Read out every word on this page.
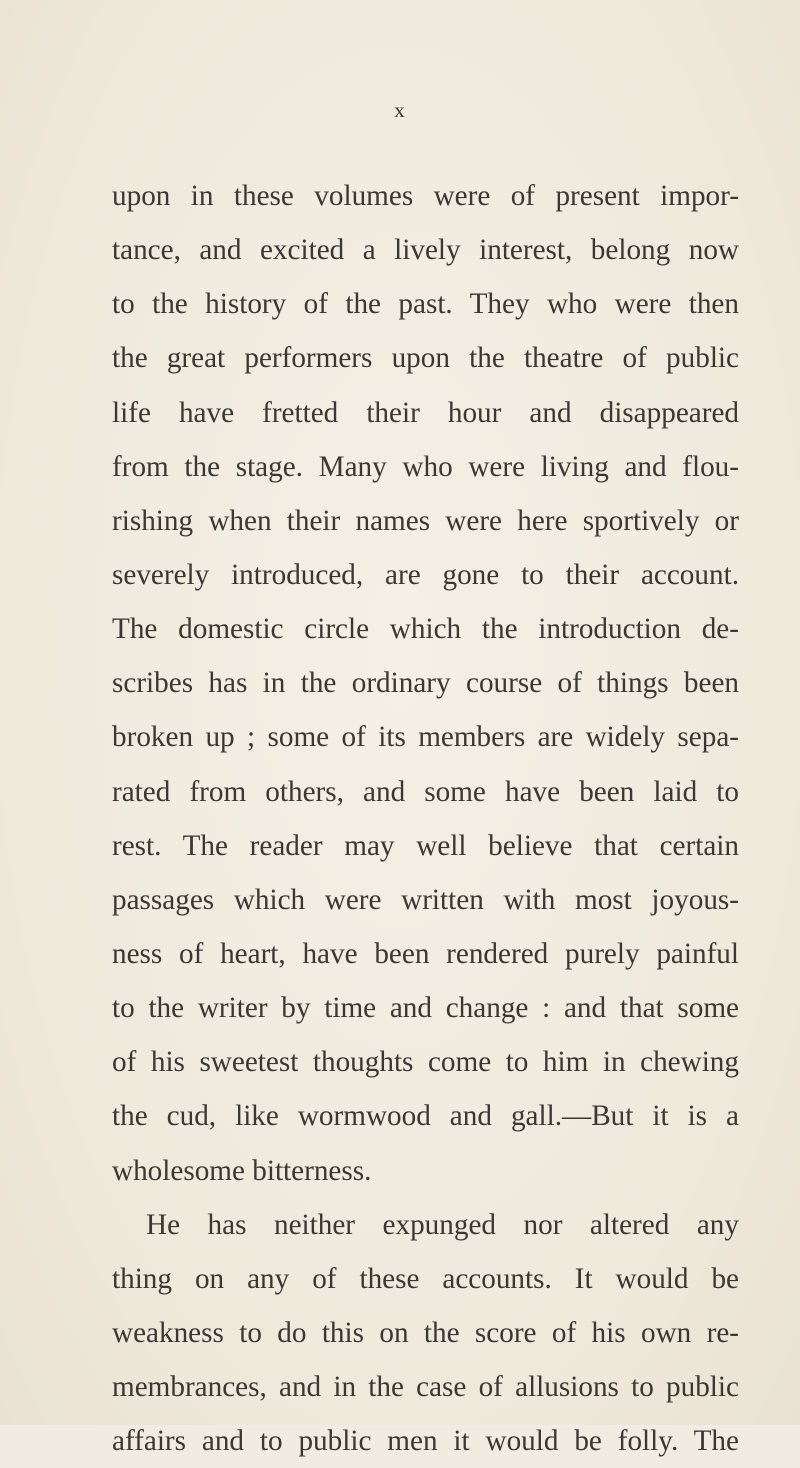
x
upon in these volumes were of present impor-
tance, and excited a lively interest, belong now
to the history of the past. They who were then
the great performers upon the theatre of public
life have fretted their hour and disappeared
from the stage. Many who were living and flou-
rishing when their names were here sportively or
severely introduced, are gone to their account.
The domestic circle which the introduction de-
scribes has in the ordinary course of things been
broken up ; some of its members are widely sepa-
rated from others, and some have been laid to
rest. The reader may well believe that certain
passages which were written with most joyous-
ness of heart, have been rendered purely painful
to the writer by time and change : and that some
of his sweetest thoughts come to him in chewing
the cud, like wormwood and gall.—But it is a
wholesome bitterness.
He has neither expunged nor altered any
thing on any of these accounts. It would be
weakness to do this on the score of his own re-
membrances, and in the case of allusions to public
affairs and to public men it would be folly. The
